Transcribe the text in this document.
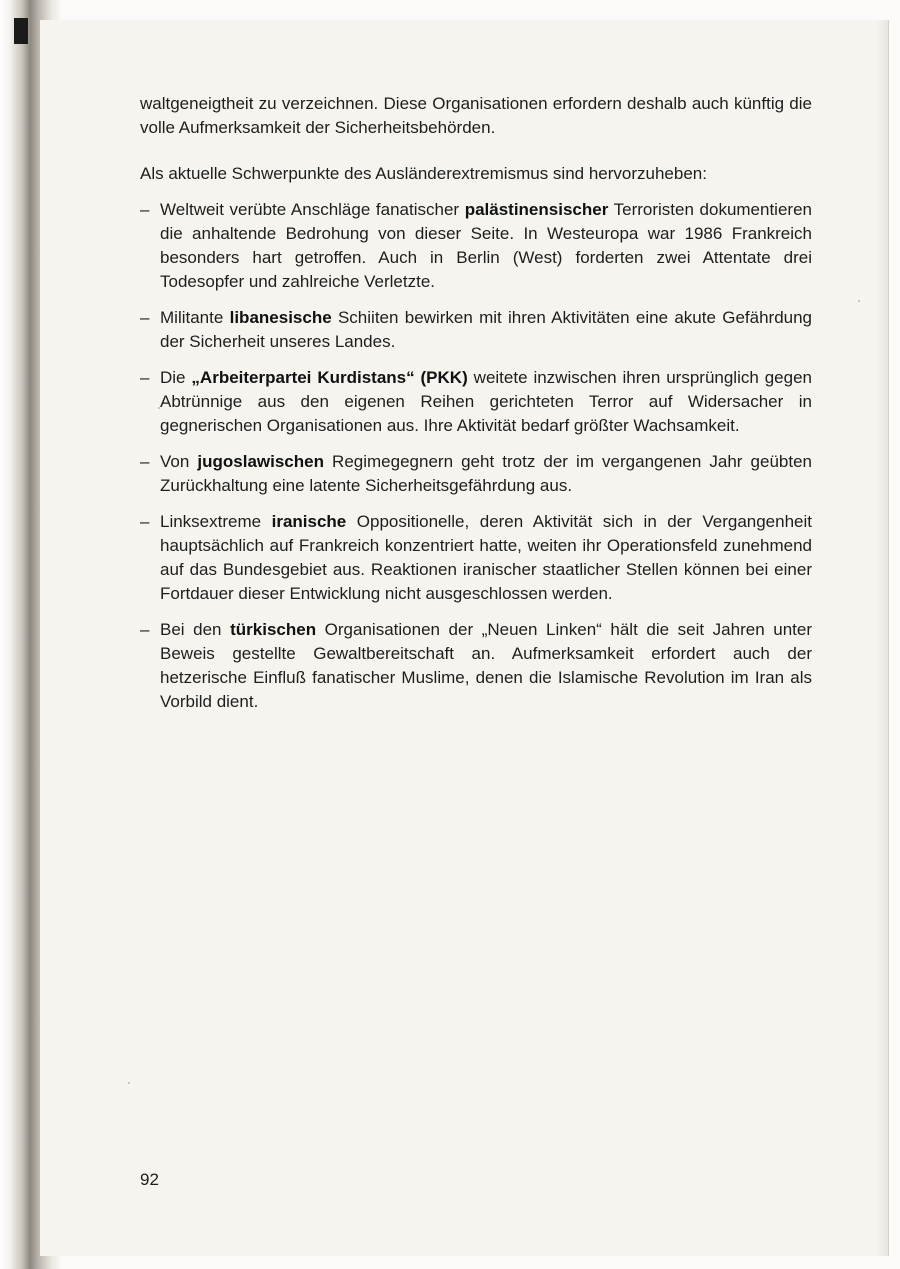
waltgeneigtheit zu verzeichnen. Diese Organisationen erfordern deshalb auch künftig die volle Aufmerksamkeit der Sicherheitsbehörden.

Als aktuelle Schwerpunkte des Ausländerextremismus sind hervorzuheben:

– Weltweit verübte Anschläge fanatischer palästinensischer Terroristen dokumentieren die anhaltende Bedrohung von dieser Seite. In Westeuropa war 1986 Frankreich besonders hart getroffen. Auch in Berlin (West) forderten zwei Attentate drei Todesopfer und zahlreiche Verletzte.
– Militante libanesische Schiiten bewirken mit ihren Aktivitäten eine akute Gefährdung der Sicherheit unseres Landes.
– Die „Arbeiterpartei Kurdistans“ (PKK) weitete inzwischen ihren ursprünglich gegen Abtrünnige aus den eigenen Reihen gerichteten Terror auf Widersacher in gegnerischen Organisationen aus. Ihre Aktivität bedarf größter Wachsamkeit.
– Von jugoslawischen Regimegegnern geht trotz der im vergangenen Jahr geübten Zurückhaltung eine latente Sicherheitsgefährdung aus.
– Linksextreme iranische Oppositionelle, deren Aktivität sich in der Vergangenheit hauptsächlich auf Frankreich konzentriert hatte, weiten ihr Operationsfeld zunehmend auf das Bundesgebiet aus. Reaktionen iranischer staatlicher Stellen können bei einer Fortdauer dieser Entwicklung nicht ausgeschlossen werden.
– Bei den türkischen Organisationen der „Neuen Linken“ hält die seit Jahren unter Beweis gestellte Gewaltbereitschaft an. Aufmerksamkeit erfordert auch der hetzerische Einfluß fanatischer Muslime, denen die Islamische Revolution im Iran als Vorbild dient.
92
